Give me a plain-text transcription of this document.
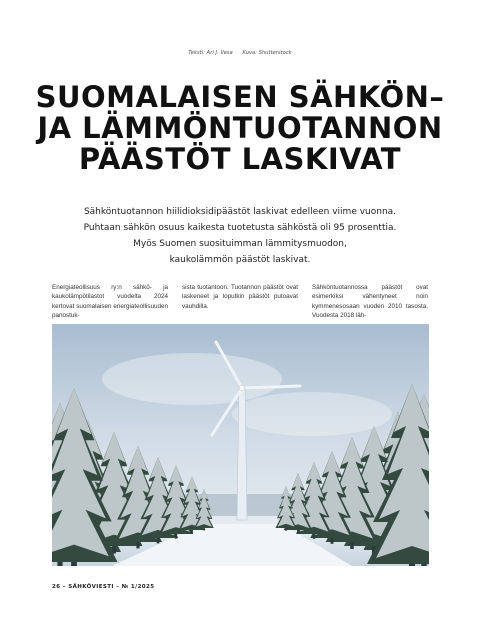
Teksti: Ari J. Vesa Kuva: Shutterstock
SUOMALAISEN SÄHKÖN–
JA LÄMMÖNTUOTANNON
PÄÄSTÖT LASKIVAT
Sähköntuotannon hiilidioksidipäästöt laskivat edelleen viime vuonna.
Puhtaan sähkön osuus kaikesta tuotetusta sähköstä oli 95 prosenttia.
Myös Suomen suosituimman lämmitysmuodon,
kaukolämmön päästöt laskivat.
Energiateollisuus ry:n sähkö- ja kaukolämpötilastot vuodelta 2024 kertovat suomalaisen energiateollisuuden panostuk-
sista tuotantoon. Tuotannon päästöt ovat laskeneet ja loputkin päästöt putoavat vauhdilla.
Sähköntuotannossa päästöt ovat esimerkiksi vähentyneet noin kymmenesosaan vuoden 2010 tasosta. Vuodesta 2018 läh-
26 – SÄHKÖVIESTI – № 1/2025
